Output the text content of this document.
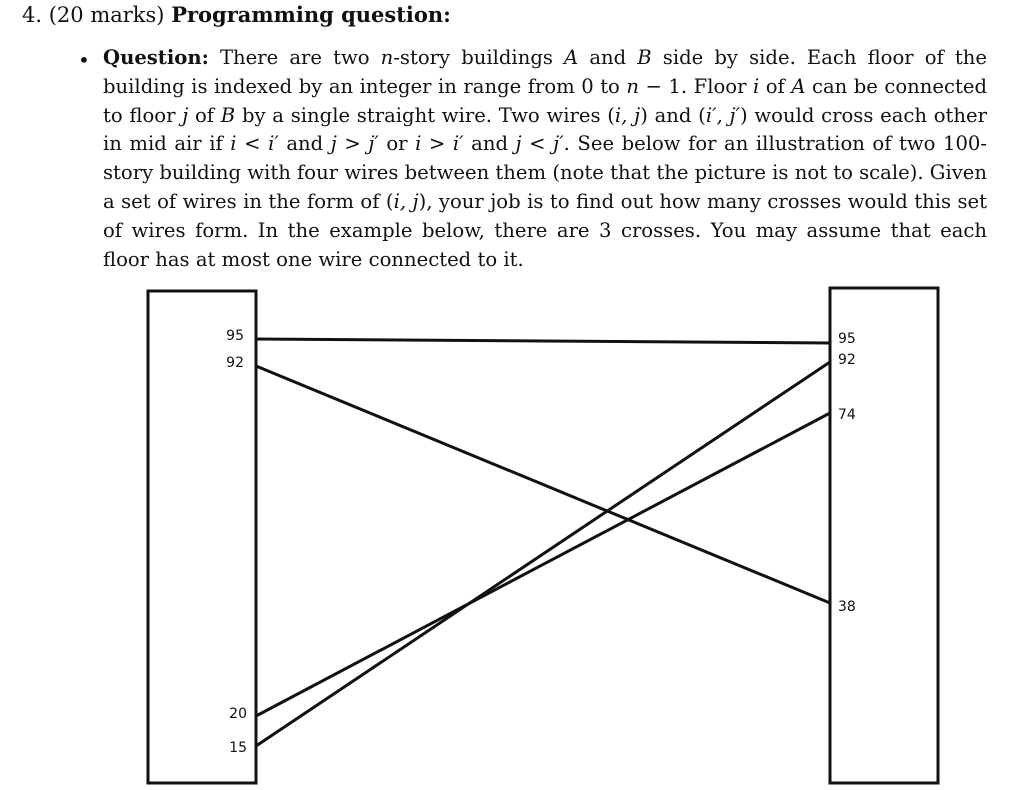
4. (20 marks) Programming question:
• Question: There are two n-story buildings A and B side by side. Each floor of the building is indexed by an integer in range from 0 to n − 1. Floor i of A can be connected to floor j of B by a single straight wire. Two wires (i, j) and (i′, j′) would cross each other in mid air if i < i′ and j > j′ or i > i′ and j < j′. See below for an illustration of two 100-story building with four wires between them (note that the picture is not to scale). Given a set of wires in the form of (i, j), your job is to find out how many crosses would this set of wires form. In the example below, there are 3 crosses. You may assume that each floor has at most one wire connected to it.
95
92
20
15
95
92
74
38
